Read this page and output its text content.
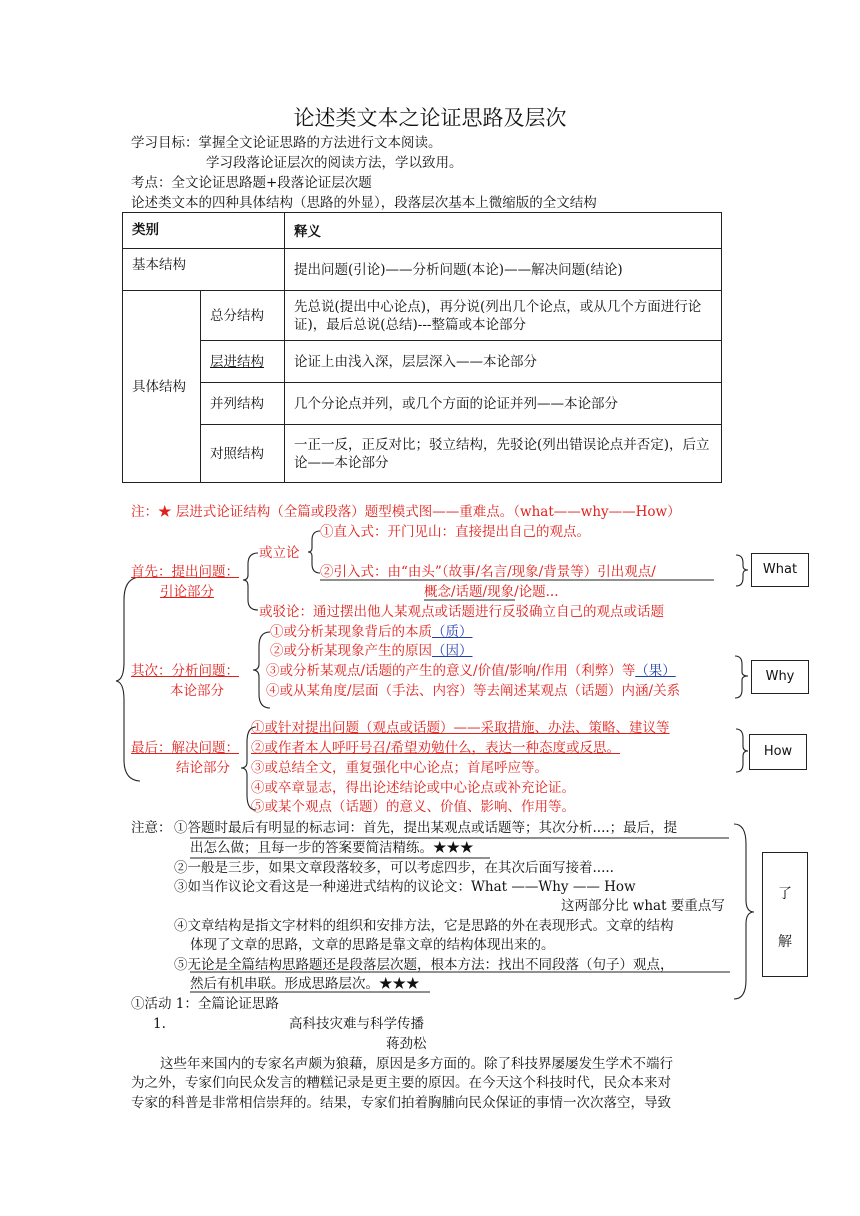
论述类文本之论证思路及层次
学习目标：掌握全文论证思路的方法进行文本阅读。
学习段落论证层次的阅读方法，学以致用。
考点：全文论证思路题+段落论证层次题
论述类文本的四种具体结构（思路的外显），段落层次基本上微缩版的全文结构
类别		释义
基本结构		提出问题(引论)——分析问题(本论)——解决问题(结论)
具体结构	总分结构	先总说(提出中心论点)，再分说(列出几个论点，或从几个方面进行论证)，最后总说(总结)---整篇或本论部分
	层进结构	论证上由浅入深，层层深入——本论部分
	并列结构	几个分论点并列，或几个方面的论证并列——本论部分
	对照结构	一正一反，正反对比；驳立结构，先驳论(列出错误论点并否定)，后立论——本论部分
注：★ 层进式论证结构（全篇或段落）题型模式图——重难点。（what——why——How）
首先：提出问题：
引论部分
或立论
①直入式：开门见山：直接提出自己的观点。
②引入式：由“由头”（故事/名言/现象/背景等）引出观点/
概念/话题/现象/论题...
或驳论：通过摆出他人某观点或话题进行反驳确立自己的观点或话题
What
其次：分析问题：
本论部分
①或分析某现象背后的本质（质）
②或分析某现象产生的原因（因）
③或分析某观点/话题的产生的意义/价值/影响/作用（利弊）等（果）
④或从某角度/层面（手法、内容）等去阐述某观点（话题）内涵/关系
Why
最后：解决问题：
结论部分
①或针对提出问题（观点或话题）——采取措施、办法、策略、建议等
②或作者本人呼吁号召/希望劝勉什么，表达一种态度或反思。
③或总结全文，重复强化中心论点；首尾呼应等。
④或卒章显志，得出论述结论或中心论点或补充论证。
⑤或某个观点（话题）的意义、价值、影响、作用等。
How
注意： ①答题时最后有明显的标志词：首先，提出某观点或话题等；其次分析....；最后，提
出怎么做；且每一步的答案要简洁精练。★★★
②一般是三步，如果文章段落较多，可以考虑四步，在其次后面写接着.....
③如当作议论文看这是一种递进式结构的议论文：What ——Why —— How
这两部分比 what 要重点写
④文章结构是指文字材料的组织和安排方法，它是思路的外在表现形式。文章的结构
体现了文章的思路，文章的思路是靠文章的结构体现出来的。
⑤无论是全篇结构思路题还是段落层次题，根本方法：找出不同段落（句子）观点，
然后有机串联。形成思路层次。★★★
了
解
①活动 1：全篇论证思路
1.	高科技灾难与科学传播
蒋劲松
这些年来国内的专家名声颇为狼藉，原因是多方面的。除了科技界屡屡发生学术不端行
为之外，专家们向民众发言的糟糕记录是更主要的原因。在今天这个科技时代，民众本来对
专家的科普是非常相信崇拜的。结果，专家们拍着胸脯向民众保证的事情一次次落空，导致
